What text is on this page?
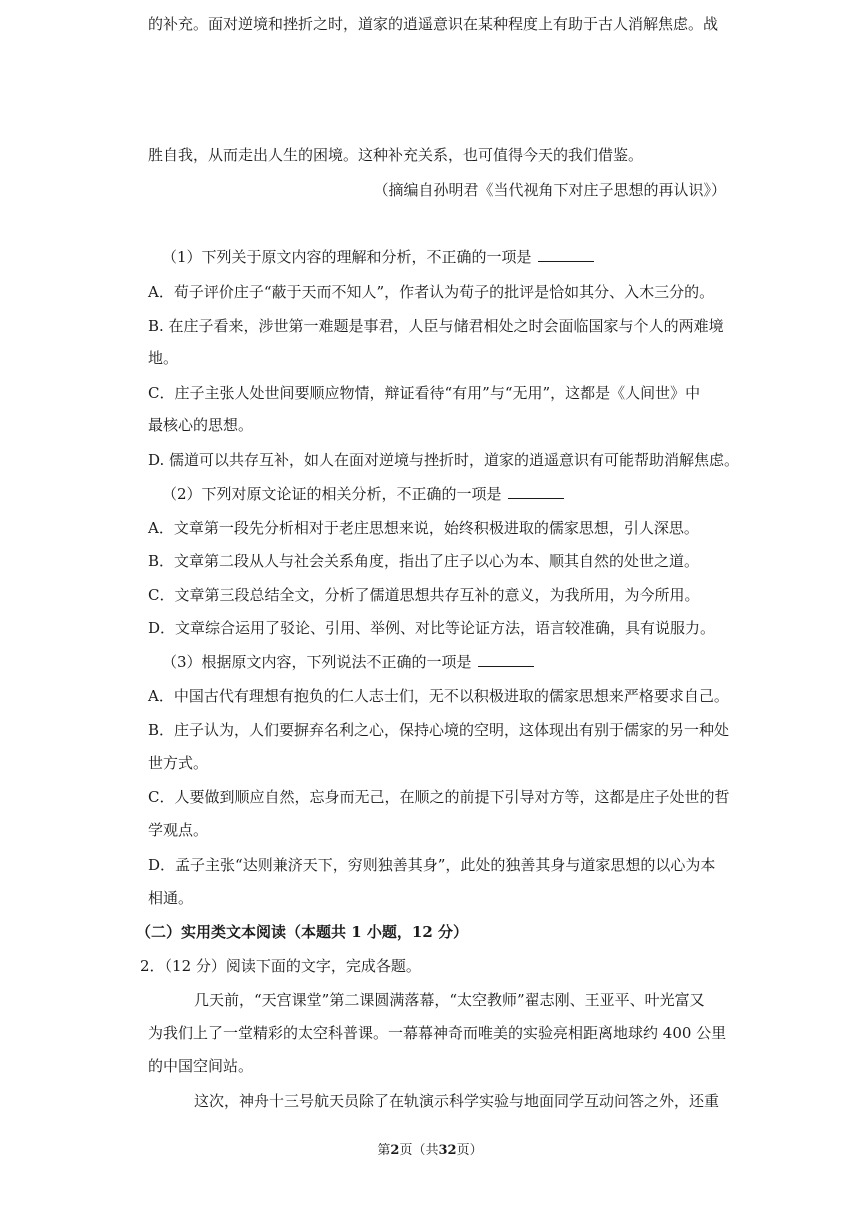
的补充。面对逆境和挫折之时，道家的逍遥意识在某种程度上有助于古人消解焦虑。战
胜自我，从而走出人生的困境。这种补充关系，也可值得今天的我们借鉴。
（摘编自孙明君《当代视角下对庄子思想的再认识》）
（1）下列关于原文内容的理解和分析，不正确的一项是
A．荀子评价庄子“蔽于天而不知人”，作者认为荀子的批评是恰如其分、入木三分的。
B. 在庄子看来，涉世第一难题是事君，人臣与储君相处之时会面临国家与个人的两难境
地。
C．庄子主张人处世间要顺应物情，辩证看待“有用”与“无用”，这都是《人间世》中
最核心的思想。
D. 儒道可以共存互补，如人在面对逆境与挫折时，道家的逍遥意识有可能帮助消解焦虑。
（2）下列对原文论证的相关分析，不正确的一项是
A．文章第一段先分析相对于老庄思想来说，始终积极进取的儒家思想，引人深思。
B．文章第二段从人与社会关系角度，指出了庄子以心为本、顺其自然的处世之道。
C．文章第三段总结全文，分析了儒道思想共存互补的意义，为我所用，为今所用。
D．文章综合运用了驳论、引用、举例、对比等论证方法，语言较准确，具有说服力。
（3）根据原文内容，下列说法不正确的一项是
A．中国古代有理想有抱负的仁人志士们，无不以积极进取的儒家思想来严格要求自己。
B．庄子认为，人们要摒弃名利之心，保持心境的空明，这体现出有别于儒家的另一种处
世方式。
C．人要做到顺应自然，忘身而无己，在顺之的前提下引导对方等，这都是庄子处世的哲
学观点。
D．孟子主张“达则兼济天下，穷则独善其身”，此处的独善其身与道家思想的以心为本
相通。
（二）实用类文本阅读（本题共 1 小题，12 分）
2．（12 分）阅读下面的文字，完成各题。
几天前，“天宫课堂”第二课圆满落幕，“太空教师”翟志刚、王亚平、叶光富又
为我们上了一堂精彩的太空科普课。一幕幕神奇而唯美的实验亮相距离地球约 400 公里
的中国空间站。
这次，神舟十三号航天员除了在轨演示科学实验与地面同学互动问答之外，还重
第2页（共32页）
